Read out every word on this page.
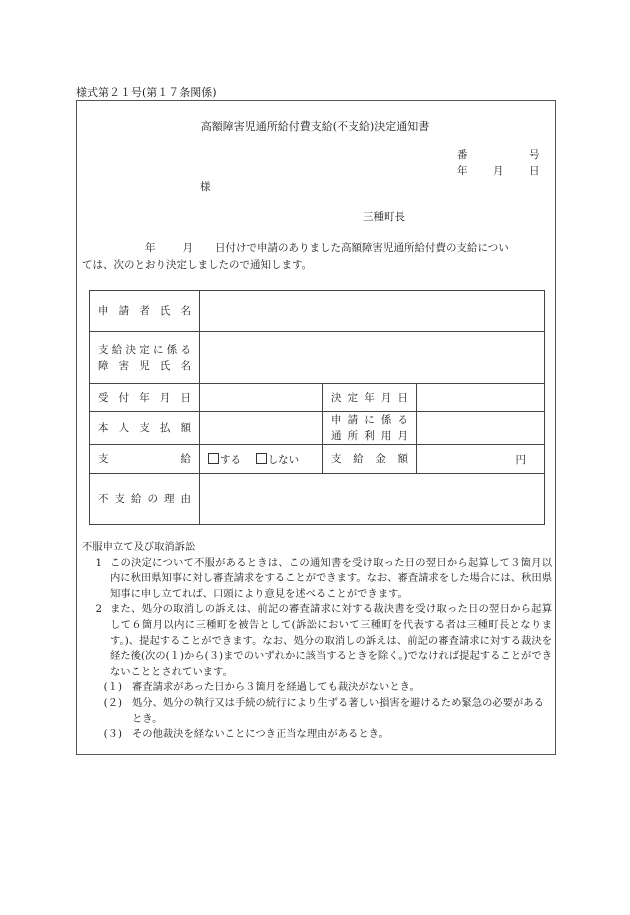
様式第２１号(第１７条関係)
高額障害児通所給付費支給(不支給)決定通知書
番	号
年 月 日
様
三種町長
年	月 日付けで申請のありました高額障害児通所給付費の支給につい
ては、次のとおり決定しましたので通知します。
申請者氏名			

支給決定に係る
障害児氏名			

受付年月日		決定年月日	
本人支払額		申請に係る
通所利用月	

支給	する しない	支給金額	円
不支給の理由			
不服申立て及び取消訴訟
1 この決定について不服があるときは、この通知書を受け取った日の翌日から起算して３箇月以内に秋田県知事に対し審査請求をすることができます。なお、審査請求をした場合には、秋田県知事に申し立てれば、口頭により意見を述べることができます。
2 また、処分の取消しの訴えは、前記の審査請求に対する裁決書を受け取った日の翌日から起算して６箇月以内に三種町を被告として(訴訟において三種町を代表する者は三種町長となります。)、提起することができます。なお、処分の取消しの訴えは、前記の審査請求に対する裁決を経た後(次の(１)から(３)までのいずれかに該当するときを除く。)でなければ提起することができないこととされています。
(１) 審査請求があった日から３箇月を経過しても裁決がないとき。
(２) 処分、処分の執行又は手続の続行により生ずる著しい損害を避けるため緊急の必要があるとき。
(３) その他裁決を経ないことにつき正当な理由があるとき。
